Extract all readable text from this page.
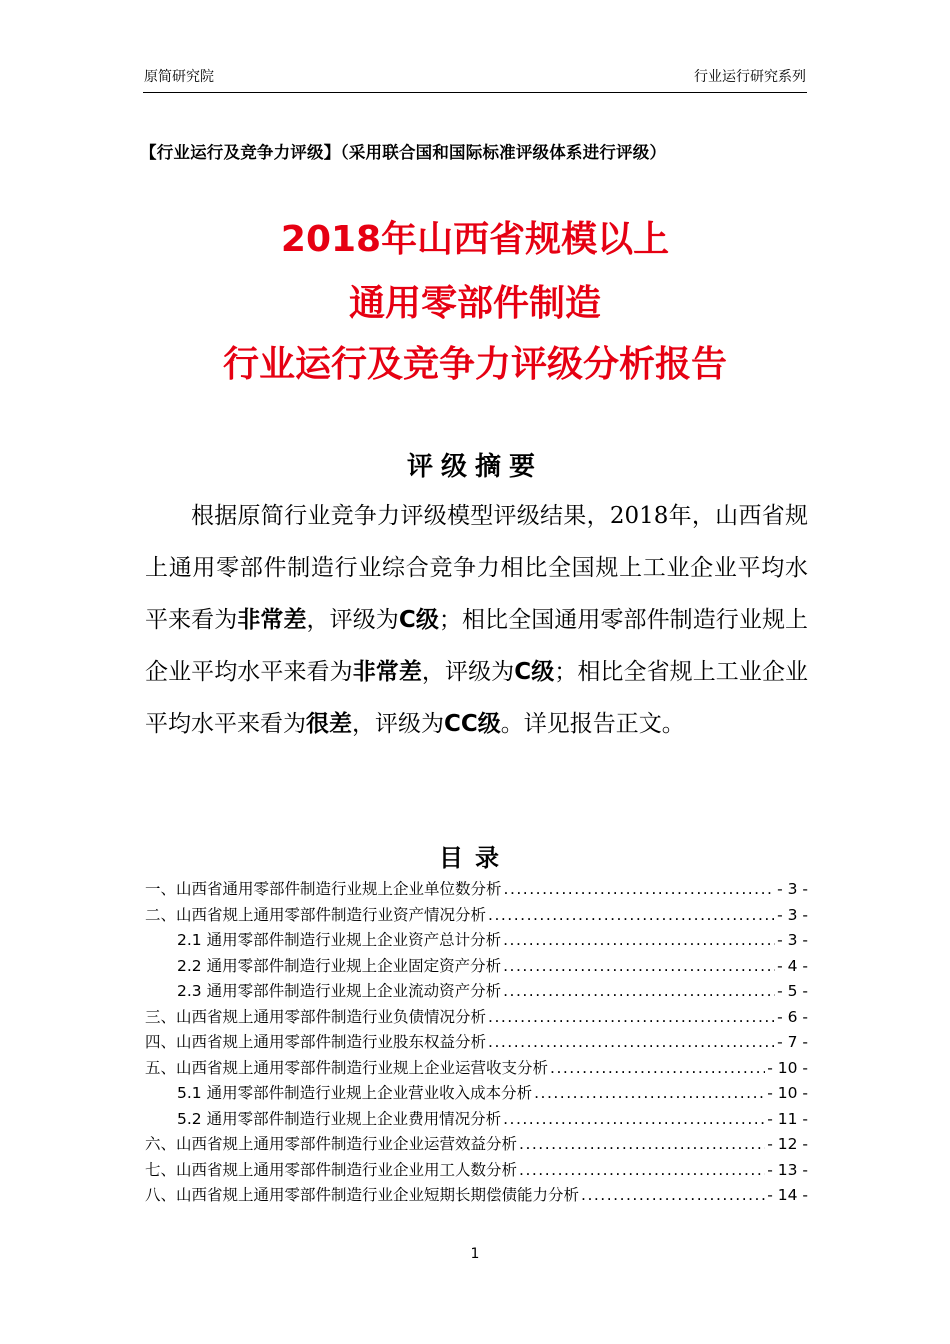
原简研究院	行业运行研究系列
【行业运行及竞争力评级】（采用联合国和国际标准评级体系进行评级）
2018年山西省规模以上
通用零部件制造
行业运行及竞争力评级分析报告
评级摘要

根据原简行业竞争力评级模型评级结果，2018年，山西省规上通用零部件制造行业综合竞争力相比全国规上工业企业平均水平来看为非常差，评级为C级；相比全国通用零部件制造行业规上企业平均水平来看为非常差，评级为C级；相比全省规上工业企业平均水平来看为很差，评级为CC级。详见报告正文。

目录
一、山西省通用零部件制造行业规上企业单位数分析 .....	- 3 -
二、山西省规上通用零部件制造行业资产情况分析 .....	- 3 -
2.1 通用零部件制造行业规上企业资产总计分析 .....	- 3 -
2.2 通用零部件制造行业规上企业固定资产分析 .....	- 4 -
2.3 通用零部件制造行业规上企业流动资产分析 .....	- 5 -
三、山西省规上通用零部件制造行业负债情况分析 .....	- 6 -
四、山西省规上通用零部件制造行业股东权益分析 .....	- 7 -
五、山西省规上通用零部件制造行业规上企业运营收支分析 .....	- 10 -
5.1 通用零部件制造行业规上企业营业收入成本分析 .....	- 10 -
5.2 通用零部件制造行业规上企业费用情况分析 .....	- 11 -
六、山西省规上通用零部件制造行业企业运营效益分析 .....	- 12 -
七、山西省规上通用零部件制造行业企业用工人数分析 .....	- 13 -
八、山西省规上通用零部件制造行业企业短期长期偿债能力分析 .....	- 14 -
1
